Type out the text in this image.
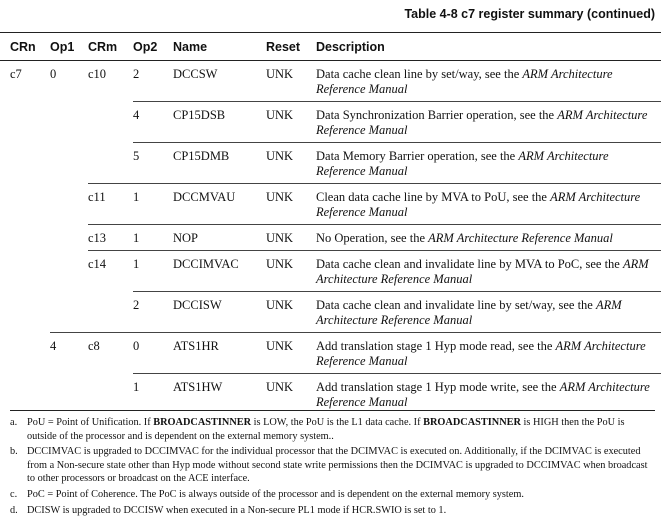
Table 4-8 c7 register summary (continued)
CRn	Op1	CRm	Op2	Name	Reset	Description
c7	0	c10	2	DCCSW	UNK	Data cache clean line by set/way, see the ARM Architecture Reference Manual
			4	CP15DSB	UNK	Data Synchronization Barrier operation, see the ARM Architecture Reference Manual
			5	CP15DMB	UNK	Data Memory Barrier operation, see the ARM Architecture Reference Manual
		c11	1	DCCMVAU	UNK	Clean data cache line by MVA to PoU, see the ARM Architecture Reference Manual
		c13	1	NOP	UNK	No Operation, see the ARM Architecture Reference Manual
		c14	1	DCCIMVAC	UNK	Data cache clean and invalidate line by MVA to PoC, see the ARM Architecture Reference Manual
			2	DCCISW	UNK	Data cache clean and invalidate line by set/way, see the ARM Architecture Reference Manual
	4	c8	0	ATS1HR	UNK	Add translation stage 1 Hyp mode read, see the ARM Architecture Reference Manual
			1	ATS1HW	UNK	Add translation stage 1 Hyp mode write, see the ARM Architecture Reference Manual
a. PoU = Point of Unification. If BROADCASTINNER is LOW, the PoU is the L1 data cache. If BROADCASTINNER is HIGH then the PoU is outside of the processor and is dependent on the external memory system..
b. DCCIMVAC is upgraded to DCCIMVAC for the individual processor that the DCIMVAC is executed on. Additionally, if the DCIMVAC is executed from a Non-secure state other than Hyp mode without second state write permissions then the DCIMVAC is upgraded to DCCIMVAC when broadcast to other processors or broadcast on the ACE interface.
c. PoC = Point of Coherence. The PoC is always outside of the processor and is dependent on the external memory system.
d. DCISW is upgraded to DCCISW when executed in a Non-secure PL1 mode if HCR.SWIO is set to 1.
